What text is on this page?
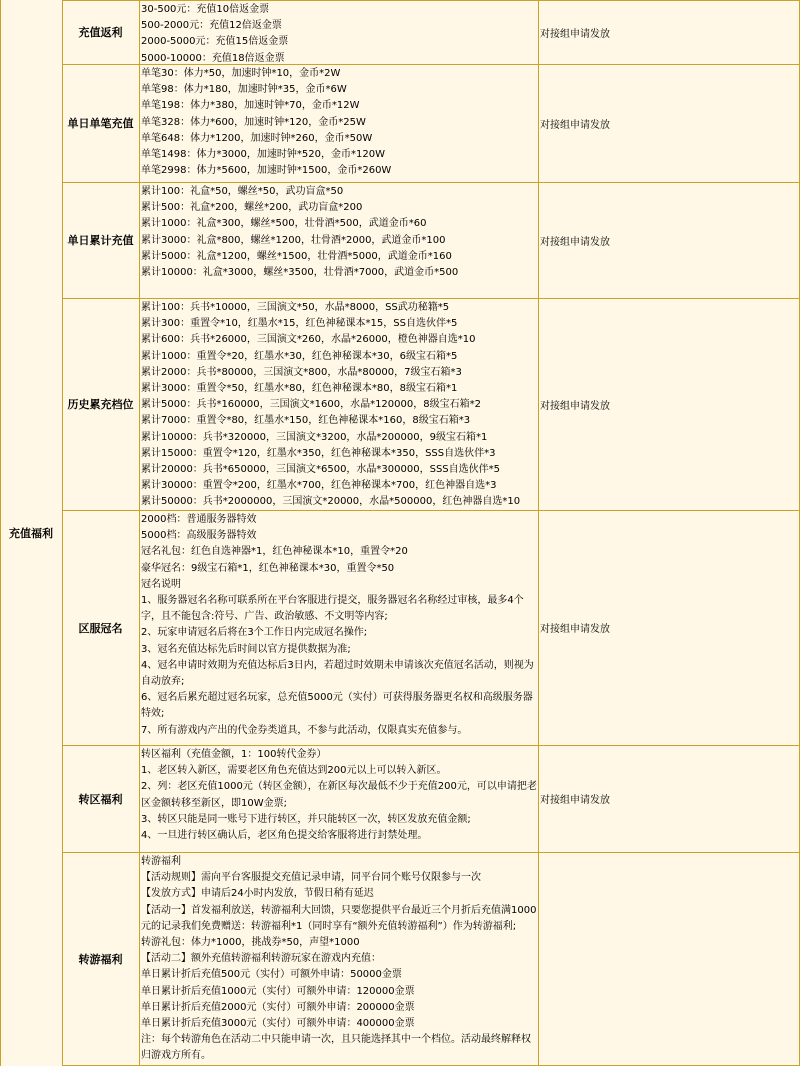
充值福利
充值返利
30-500元：充值10倍返金票
500-2000元：充值12倍返金票
2000-5000元：充值15倍返金票
5000-10000：充值18倍返金票
对接组申请发放
单日单笔充值
单笔30：体力*50，加速时钟*10，金币*2W
单笔98：体力*180，加速时钟*35，金币*6W
单笔198：体力*380，加速时钟*70，金币*12W
单笔328：体力*600，加速时钟*120，金币*25W
单笔648：体力*1200，加速时钟*260，金币*50W
单笔1498：体力*3000，加速时钟*520，金币*120W
单笔2998：体力*5600，加速时钟*1500，金币*260W
对接组申请发放
单日累计充值
累计100：礼盒*50，螺丝*50，武功盲盒*50
累计500：礼盒*200，螺丝*200，武功盲盒*200
累计1000：礼盒*300，螺丝*500，壮骨酒*500，武道金币*60
累计3000：礼盒*800，螺丝*1200，壮骨酒*2000，武道金币*100
累计5000：礼盒*1200，螺丝*1500，壮骨酒*5000，武道金币*160
累计10000：礼盒*3000，螺丝*3500，壮骨酒*7000，武道金币*500
对接组申请发放
历史累充档位
累计100：兵书*10000，三国演文*50，水晶*8000，SS武功秘籍*5
累计300：重置令*10，红墨水*15，红色神秘课本*15，SS自选伙伴*5
累计600：兵书*26000，三国演文*260，水晶*26000，橙色神器自选*10
累计1000：重置令*20，红墨水*30，红色神秘课本*30，6级宝石箱*5
累计2000：兵书*80000，三国演文*800，水晶*80000，7级宝石箱*3
累计3000：重置令*50，红墨水*80，红色神秘课本*80，8级宝石箱*1
累计5000：兵书*160000，三国演文*1600，水晶*120000，8级宝石箱*2
累计7000：重置令*80，红墨水*150，红色神秘课本*160，8级宝石箱*3
累计10000：兵书*320000，三国演文*3200，水晶*200000，9级宝石箱*1
累计15000：重置令*120，红墨水*350，红色神秘课本*350，SSS自选伙伴*3
累计20000：兵书*650000，三国演文*6500，水晶*300000，SSS自选伙伴*5
累计30000：重置令*200，红墨水*700，红色神秘课本*700，红色神器自选*3
累计50000：兵书*2000000，三国演文*20000，水晶*500000，红色神器自选*10
对接组申请发放
区服冠名
2000档：普通服务器特效
5000档：高级服务器特效
冠名礼包：红色自选神器*1，红色神秘课本*10，重置令*20
豪华冠名：9级宝石箱*1，红色神秘课本*30，重置令*50
冠名说明
1、服务器冠名名称可联系所在平台客服进行提交，服务器冠名名称经过审核，最多4个字，且不能包含:符号、广告、政治敏感、不文明等内容;
2、玩家申请冠名后将在3个工作日内完成冠名操作;
3、冠名充值达标先后时间以官方提供数据为准;
4、冠名申请时效期为充值达标后3日内，若超过时效期未申请该次充值冠名活动，则视为自动放弃;
6、冠名后累充超过冠名玩家，总充值5000元（实付）可获得服务器更名权和高级服务器特效;
7、所有游戏内产出的代金券类道具，不参与此活动，仅限真实充值参与。
对接组申请发放
转区福利
转区福利（充值金额，1：100转代金券）
1、老区转入新区，需要老区角色充值达到200元以上可以转入新区。
2、列：老区充值1000元（转区金额），在新区每次最低不少于充值200元，可以申请把老区金额转移至新区，即10W金票;
3、转区只能是同一账号下进行转区，并只能转区一次，转区发放充值金额;
4、一旦进行转区确认后，老区角色提交给客服将进行封禁处理。
对接组申请发放
转游福利
转游福利
【活动规则】需向平台客服提交充值记录申请，同平台同个账号仅限参与一次
【发放方式】申请后24小时内发放，节假日稍有延迟
【活动一】首发福利放送，转游福利大回馈，只要您提供平台最近三个月折后充值满1000元的记录我们免费赠送：转游福利*1（同时享有“额外充值转游福利”）作为转游福利;
转游礼包：体力*1000，挑战券*50，声望*1000
【活动二】额外充值转游福利转游玩家在游戏内充值：
单日累计折后充值500元（实付）可额外申请：50000金票
单日累计折后充值1000元（实付）可额外申请：120000金票
单日累计折后充值2000元（实付）可额外申请：200000金票
单日累计折后充值3000元（实付）可额外申请：400000金票
注：每个转游角色在活动二中只能申请一次，且只能选择其中一个档位。活动最终解释权归游戏方所有。
